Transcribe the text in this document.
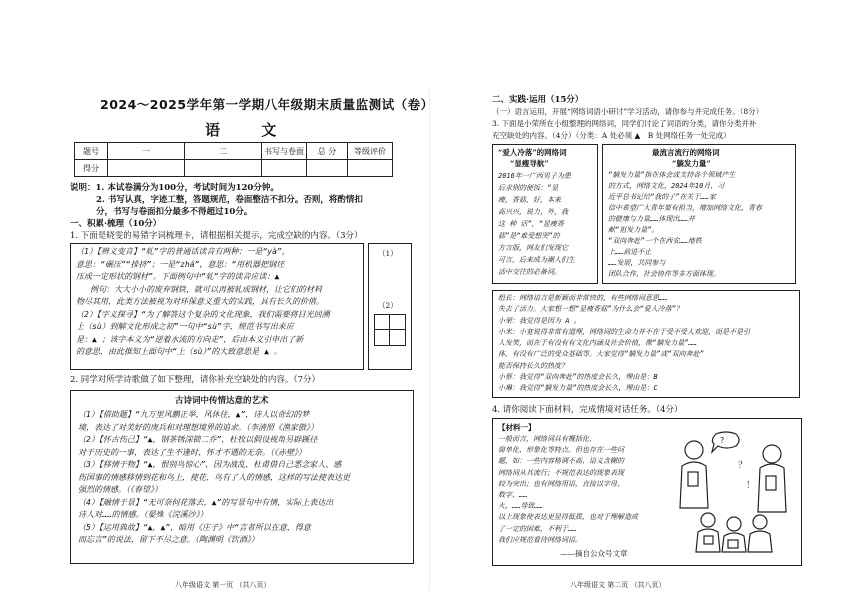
2024～2025学年第一学期八年级期末质量监测试（卷）
语 文
题号	一	二	书写与卷面	总 分	等级评价
得分					
说明：1. 本试卷满分为100分，考试时间为120分钟。
2. 书写认真，字迹工整，答题规范，卷面整洁不扣分。否则，将酌情扣
分，书写与卷面扣分最多不得超过10分。
一、积累·梳理（10分）
1. 下面是晓雯的易错字词梳理卡，请根据相关提示，完成空缺的内容。（3分）
（1）
（2）
（1）【辨义变音】“轧”字的普通话读音有两种：一是“yà”，
意思：“碾压”“排挤”；一是“zhá”，意思：“用机器把钢坯
压成一定形状的钢材”。下面例句中“轧”字的读音应读：▲
例句：大大小小的废弃钢铁，就可以再被轧成钢材，让它们的材料
物尽其用，此类方法被视为对环保意义重大的实践，具有长久的价值。
（2）【字义探寻】“为了解答这个复杂的文化现象，我们需要将目光回溯
上（sù）到解文化形成之初”一句中“sù”字，规范书写出来应
是：▲ ；该字本义为“逆着水流的方向走”，后由本义引申出了新
的意思，由此推知上面句中“上（sù）”的大致意思是 ▲ 。
2. 同学对所学诗歌做了如下整理，请你补充空缺处的内容。（7分）
古诗词中传情达意的艺术
（1）【借助题】“九万里风鹏正举，风休住，▲”，诗人以奇幻的梦
境，表达了对美好的庚兵和对理想境界的追求。（李清照《渔家傲》）
（2）【怀古伤己】“▲，钢茶锈深锁二乔”，杜牧以假设视角另辟蹊径
对于历史的一事，表达了生不逢时、怀才不遇的无奈。（《赤壁》）
（3）【移情于物】“▲，恨别鸟惊心”，因为战乱，杜甫借自己悉念家人、感
伤国事的情感移情到花和鸟上，使花、鸟有了人的情感，这样的写法使表达更
强烈的情感。（《春望》）
（4）【融情于景】“无可奈何花落去，▲”的写景句中有情，实际上表达出
诗人对……的情感。（晏殊《浣溪沙》）
（5）【运用典故】“▲，▲”，暗用《庄子》中“言者所以在意，得意
而忘言”的说法，留下不尽之意。（陶渊明《饮酒》）
八年级语文 第一页 （共八页）
二、实践·运用（15分）
（一）语言运用，开展“网络词语小研讨”学习活动，请你参与并完成任务。（8分）
3. 下面是小荣所在小组整理的网络词，同学们讨论了词语的分类，请你分类并补
充空缺处的内容。（4分）（分类：A 处必须 ▲　B 处网络任务一处完成）
“爱人冷落”的网络词
“显瘦导航”
2016年一广西男子为患
后求别的便饭：“显
瘦，香菇，好，本来
高兴兴，说力，外，我
这 种 话”，“显瘦香
菇”是“难受想哭”的
方言版，网友们发现它
可言，后来成为潮人们生
活中交往的必备词。
最流言流行的网络词
“躺发力量”
“躺发力量”指在体会或支持各个领域产生
的方式，网络文化，2024年10月，习
近平总书记给“我的子”在关于……家
信中希望广大青年要有担当，增加网络文化，青春
的健康与力量……体现出……并
献“祖发力量”。
“双向奔赴”一个在西安……地铁
上……前进不止
……发展，共同参与
团队合作，社会协作等多方面体现。
组长：网络语言是新颖而非常快的，有些网络词意思……
失去了活力。大家想一想“显瘦香菇”为什么会“爱人冷落”？
小荣：我觉得是因为 A 。
小米：小宽说得非常有道理，网络词的生命力并不在于受不受人欢迎，而是不是引
人发笑，而在于有没有有文化内涵及社会价值，像“躺发力量”……
体，有没有广泛的受众基础等。大家觉得“躺发力量”或“双向奔赴”
能否保持长久的热度？
小蔡：我觉得“双向奔赴”的热度会长久，理由是：B
小琳：我觉得“躺发力量”的热度会长久，理由是：C
4. 请你阅读下面材料，完成情境对话任务。（4分）
【材料一】
一般而言，网络词具有概括化、
简单化、形象化等特点。但也存在一些问
题，如：一些内容格调不高、语义含糊的
网络词从其流行；不规范表达的现象表现
较为突出；也有网络用语，直接以字母、
数字、……
火，……导致……
以上现象使表达更显得低质，也对于理解造成
了一定的困难，不利于……
我们应规范看待网络词语。
——摘自公众号文章
八年级语文 第二页 （共八页）
?
？
！
